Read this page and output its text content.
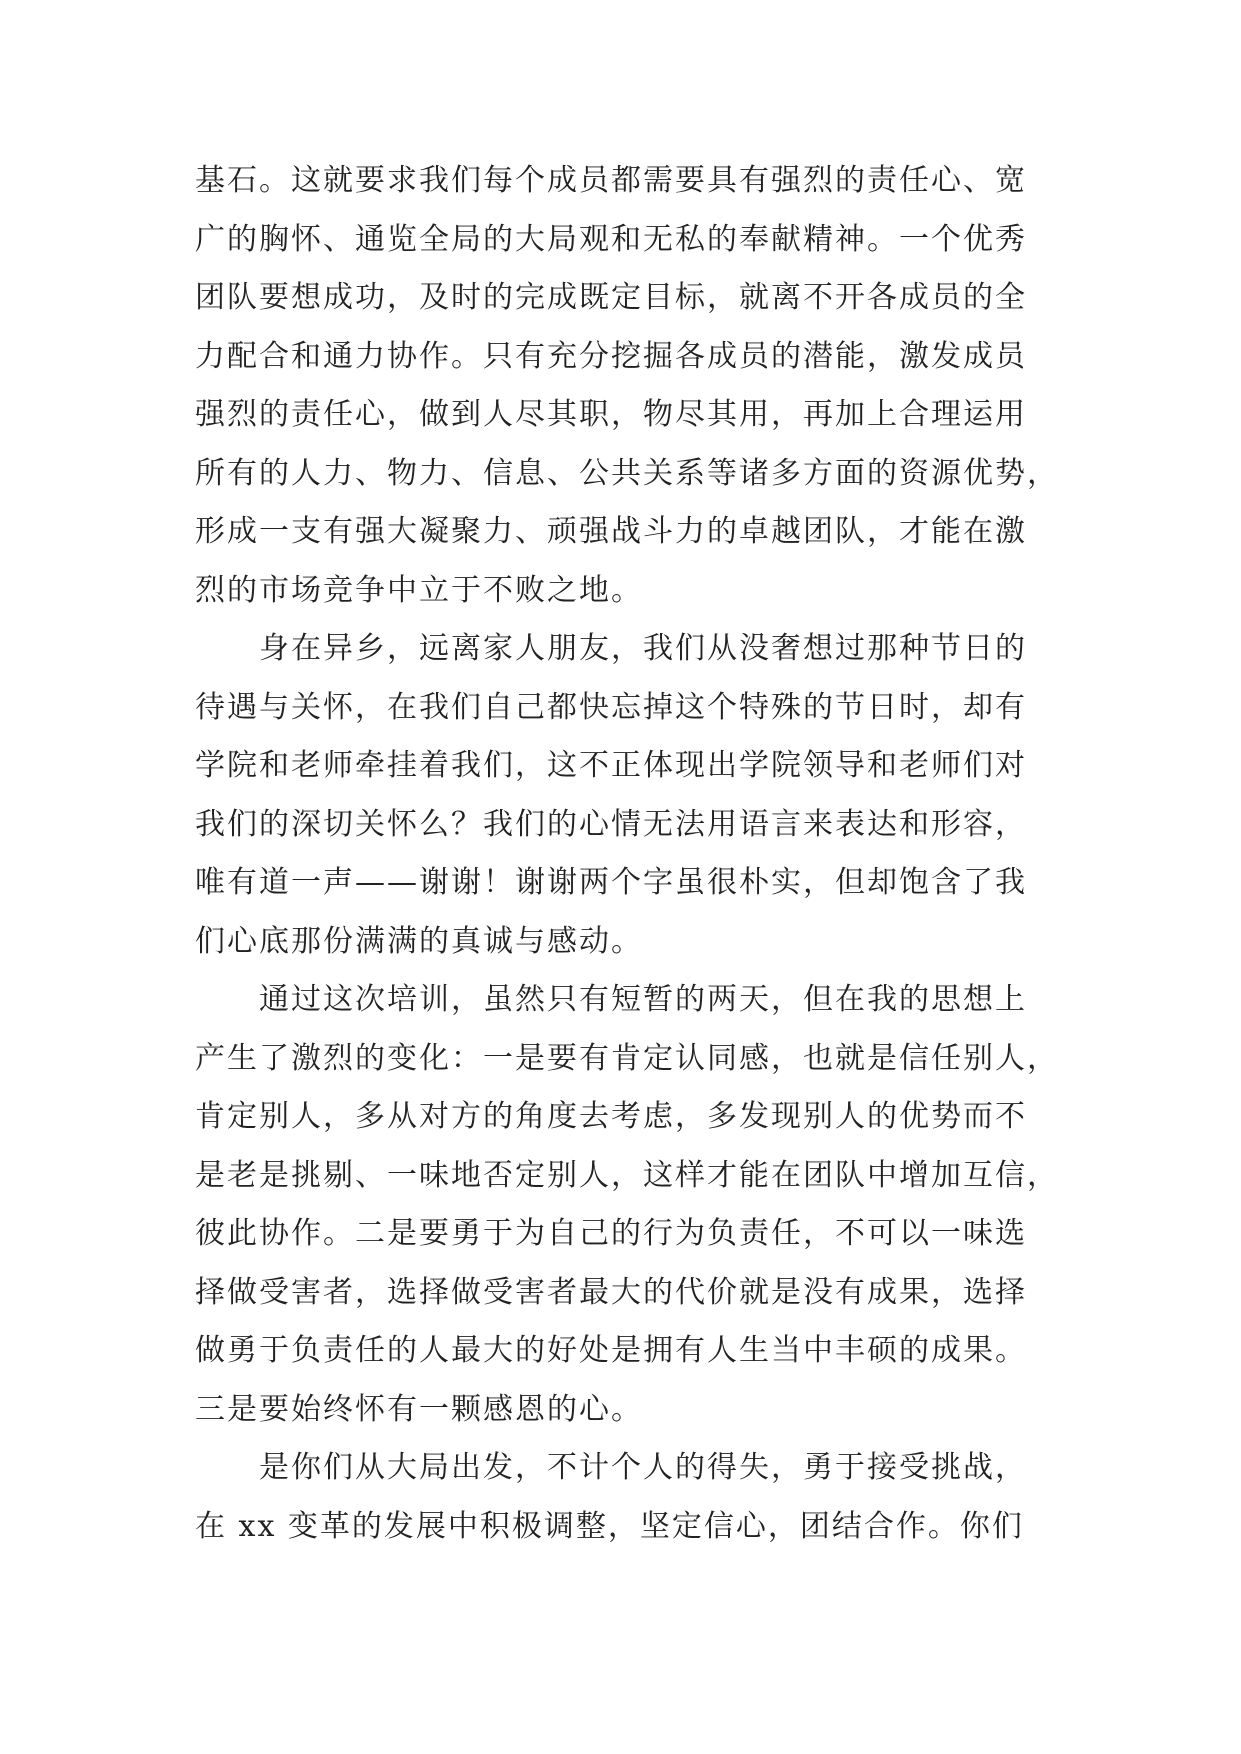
基石。这就要求我们每个成员都需要具有强烈的责任心、宽
广的胸怀、通览全局的大局观和无私的奉献精神。一个优秀
团队要想成功，及时的完成既定目标，就离不开各成员的全
力配合和通力协作。只有充分挖掘各成员的潜能，激发成员
强烈的责任心，做到人尽其职，物尽其用，再加上合理运用
所有的人力、物力、信息、公共关系等诸多方面的资源优势，
形成一支有强大凝聚力、顽强战斗力的卓越团队，才能在激
烈的市场竞争中立于不败之地。
身在异乡，远离家人朋友，我们从没奢想过那种节日的
待遇与关怀，在我们自己都快忘掉这个特殊的节日时，却有
学院和老师牵挂着我们，这不正体现出学院领导和老师们对
我们的深切关怀么？我们的心情无法用语言来表达和形容，
唯有道一声——谢谢！谢谢两个字虽很朴实，但却饱含了我
们心底那份满满的真诚与感动。
通过这次培训，虽然只有短暂的两天，但在我的思想上
产生了激烈的变化：一是要有肯定认同感，也就是信任别人，
肯定别人，多从对方的角度去考虑，多发现别人的优势而不
是老是挑剔、一味地否定别人，这样才能在团队中增加互信，
彼此协作。二是要勇于为自己的行为负责任，不可以一味选
择做受害者，选择做受害者最大的代价就是没有成果，选择
做勇于负责任的人最大的好处是拥有人生当中丰硕的成果。
三是要始终怀有一颗感恩的心。
是你们从大局出发，不计个人的得失，勇于接受挑战，
在 xx 变革的发展中积极调整，坚定信心，团结合作。你们
